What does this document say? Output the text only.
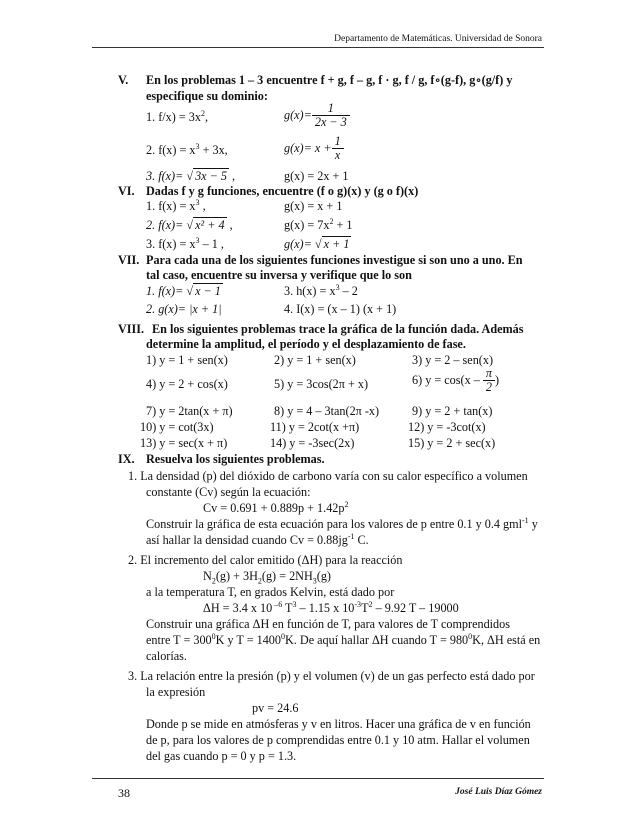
Departamento de Matemáticas. Universidad de Sonora
V. En los problemas 1 – 3 encuentre f + g, f – g, f · g, f / g, f∘(g-f), g∘(g/f) y
especifique su dominio:
1. $f/x) = 3x^2$,	$g(x)= \frac{1}{2x - 3}$
2. $f(x) = x^3 + 3x$,	$g(x)= x + \frac{1}{x}$
3. f(x)= √ 3x − 5 ,	g(x) = 2x + 1
VI. Dadas f y g funciones, encuentre (f o g)(x) y (g o f)(x)
1. $f(x) = x^3$ ,	g(x) = x + 1
2. f(x)= √ x² + 4 ,	$g(x) = 7x^2 + 1$
3. $f(x) = x^3 - 1$ ,	g(x)= √ x + 1
VII. Para cada una de los siguientes funciones investigue si son uno a uno. En
tal caso, encuentre su inversa y verifique que lo son
1. f(x)= √ x − 1	3. $h(x) = x^3 - 2$
2. g(x)= |x + 1|	4. I(x) = (x – 1) (x + 1)
VIII. En los siguientes problemas trace la gráfica de la función dada. Además
determine la amplitud, el período y el desplazamiento de fase.
1) y = 1 + sen(x)	2) y = 1 + sen(x)	3) y = 2 – sen(x)
4) y = 2 + cos(x)	5) y = 3cos(2π + x)	6) $y = \cos(x - \frac{\pi}{2}$ )
7) y = 2tan(x + π)	8) y = 4 – 3tan(2π -x)	9) y = 2 + tan(x)
10) y = cot(3x)	11) y = 2cot(x +π)	12) y = -3cot(x)
13) y = sec(x + π)	14) y = -3sec(2x)	15) y = 2 + sec(x)
IX. Resuelva los siguientes problemas.
1. La densidad (p) del dióxido de carbono varía con su calor específico a volumen
constante (Cv) según la ecuación:
$Cv = 0.691 + 0.889p + 1.42p^2$
Construir la gráfica de esta ecuación para los valores de p entre 0.1 y 0.4 gml$^{-1}$ y
así hallar la densidad cuando $Cv = 0.88jg^{-1}$ C.
2. El incremento del calor emitido (ΔH) para la reacción
$N_2(g) + 3H_2(g) = 2NH_3(g)$
a la temperatura T, en grados Kelvin, está dado por
ΔH = 3.4 x 10 $^{-6}$ $T^3 - 1.15$ x $10^{-3}T^2 - 9.92$ T – 19000
Construir una gráfica ΔH en función de T, para valores de T comprendidos
entre $T = 300^0K$ y $T = 1400^0K$. De aquí hallar ΔH cuando $T = 980^0K$, ΔH está en
calorías.
3. La relación entre la presión (p) y el volumen (v) de un gas perfecto está dado por
la expresión
pv = 24.6
Donde p se mide en atmósferas y v en litros. Hacer una gráfica de v en función
de p, para los valores de p comprendidas entre 0.1 y 10 atm. Hallar el volumen
del gas cuando p = 0 y p = 1.3.
38	José Luis Díaz Gómez
